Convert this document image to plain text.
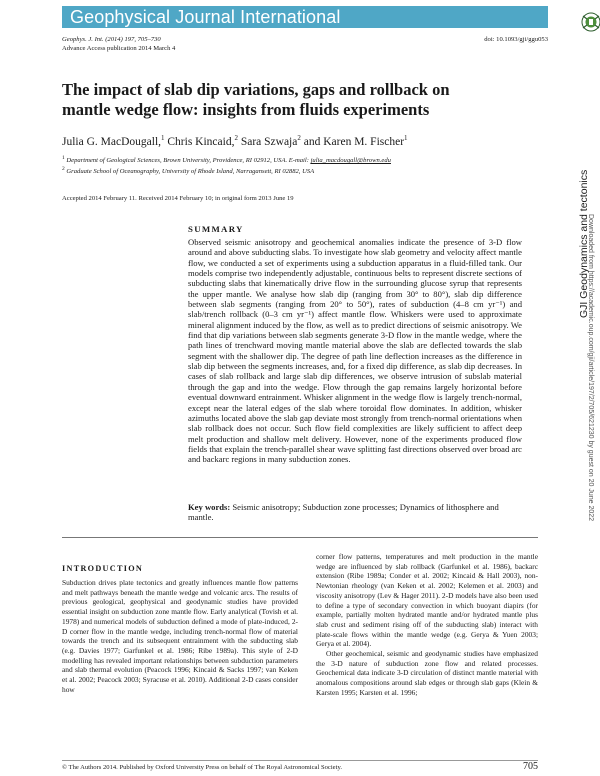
Geophysical Journal International
Geophys. J. Int. (2014) 197, 705–730
Advance Access publication 2014 March 4
doi: 10.1093/gji/ggu053
The impact of slab dip variations, gaps and rollback on mantle wedge flow: insights from fluids experiments
Julia G. MacDougall,$^1$ Chris Kincaid,$^2$ Sara Szwaja$^2$ and Karen M. Fischer$^1$
$^1$ Department of Geological Sciences, Brown University, Providence, RI 02912, USA. E-mail: julia_macdougall@brown.edu
$^2$ Graduate School of Oceanography, University of Rhode Island, Narragansett, RI 02882, USA
Accepted 2014 February 11. Received 2014 February 10; in original form 2013 June 19
SUMMARY
Observed seismic anisotropy and geochemical anomalies indicate the presence of 3-D flow around and above subducting slabs. To investigate how slab geometry and velocity affect mantle flow, we conducted a set of experiments using a subduction apparatus in a fluid-filled tank. Our models comprise two independently adjustable, continuous belts to represent discrete sections of subducting slabs that kinematically drive flow in the surrounding glucose syrup that represents the upper mantle. We analyse how slab dip (ranging from 30° to 80°), slab dip difference between slab segments (ranging from 20° to 50°), rates of subduction (4–8 cm yr⁻¹) and slab/trench rollback (0–3 cm yr⁻¹) affect mantle flow. Whiskers were used to approximate mineral alignment induced by the flow, as well as to predict directions of seismic anisotropy. We find that dip variations between slab segments generate 3-D flow in the mantle wedge, where the path lines of trenchward moving mantle material above the slab are deflected towards the slab segment with the shallower dip. The degree of path line deflection increases as the difference in slab dip between the segments increases, and, for a fixed dip difference, as slab dip decreases. In cases of slab rollback and large slab dip differences, we observe intrusion of subslab material through the gap and into the wedge. Flow through the gap remains largely horizontal before eventual downward entrainment. Whisker alignment in the wedge flow is largely trench-normal, except near the lateral edges of the slab where toroidal flow dominates. In addition, whisker azimuths located above the slab gap deviate most strongly from trench-normal orientations when slab rollback does not occur. Such flow field complexities are likely sufficient to affect deep melt production and shallow melt delivery. However, none of the experiments produced flow fields that explain the trench-parallel shear wave splitting fast directions observed over broad arc and backarc regions in many subduction zones.
Key words: Seismic anisotropy; Subduction zone processes; Dynamics of lithosphere and mantle.
INTRODUCTION
Subduction drives plate tectonics and greatly influences mantle flow patterns and melt pathways beneath the mantle wedge and volcanic arcs. The results of previous geological, geophysical and geodynamic studies have provided essential insight on subduction zone mantle flow. Early analytical (Tovish et al. 1978) and numerical models of subduction defined a mode of plate-induced, 2-D corner flow in the mantle wedge, including trench-normal flow of material towards the trench and its subsequent entrainment with the subducting slab (e.g. Davies 1977; Garfunkel et al. 1986; Ribe 1989a). This style of 2-D modelling has revealed important relationships between subduction parameters and slab thermal evolution (Peacock 1996; Kincaid & Sacks 1997; van Keken et al. 2002; Peacock 2003; Syracuse et al. 2010). Additional 2-D cases consider how
corner flow patterns, temperatures and melt production in the mantle wedge are influenced by slab rollback (Garfunkel et al. 1986), backarc extension (Ribe 1989a; Conder et al. 2002; Kincaid & Hall 2003), non-Newtonian rheology (van Keken et al. 2002; Kelemen et al. 2003) and viscosity anisotropy (Lev & Hager 2011). 2-D models have also been used to define a type of secondary convection in which buoyant diapirs (for example, partially molten hydrated mantle and/or hydrated mantle plus slab crust and sediment rising off of the subducting slab) interact with plate-scale flows within the mantle wedge (e.g. Gerya & Yuen 2003; Gerya et al. 2004).
Other geochemical, seismic and geodynamic studies have emphasized the 3-D nature of subduction zone flow and related processes. Geochemical data indicate 3-D circulation of distinct mantle material with anomalous compositions around slab edges or through slab gaps (Klein & Karsten 1995; Karsten et al. 1996;
© The Authors 2014. Published by Oxford University Press on behalf of The Royal Astronomical Society.	705
GJI Geodynamics and tectonics
Downloaded from https://academic.oup.com/gji/article/197/2/705/621230 by guest on 20 June 2022
